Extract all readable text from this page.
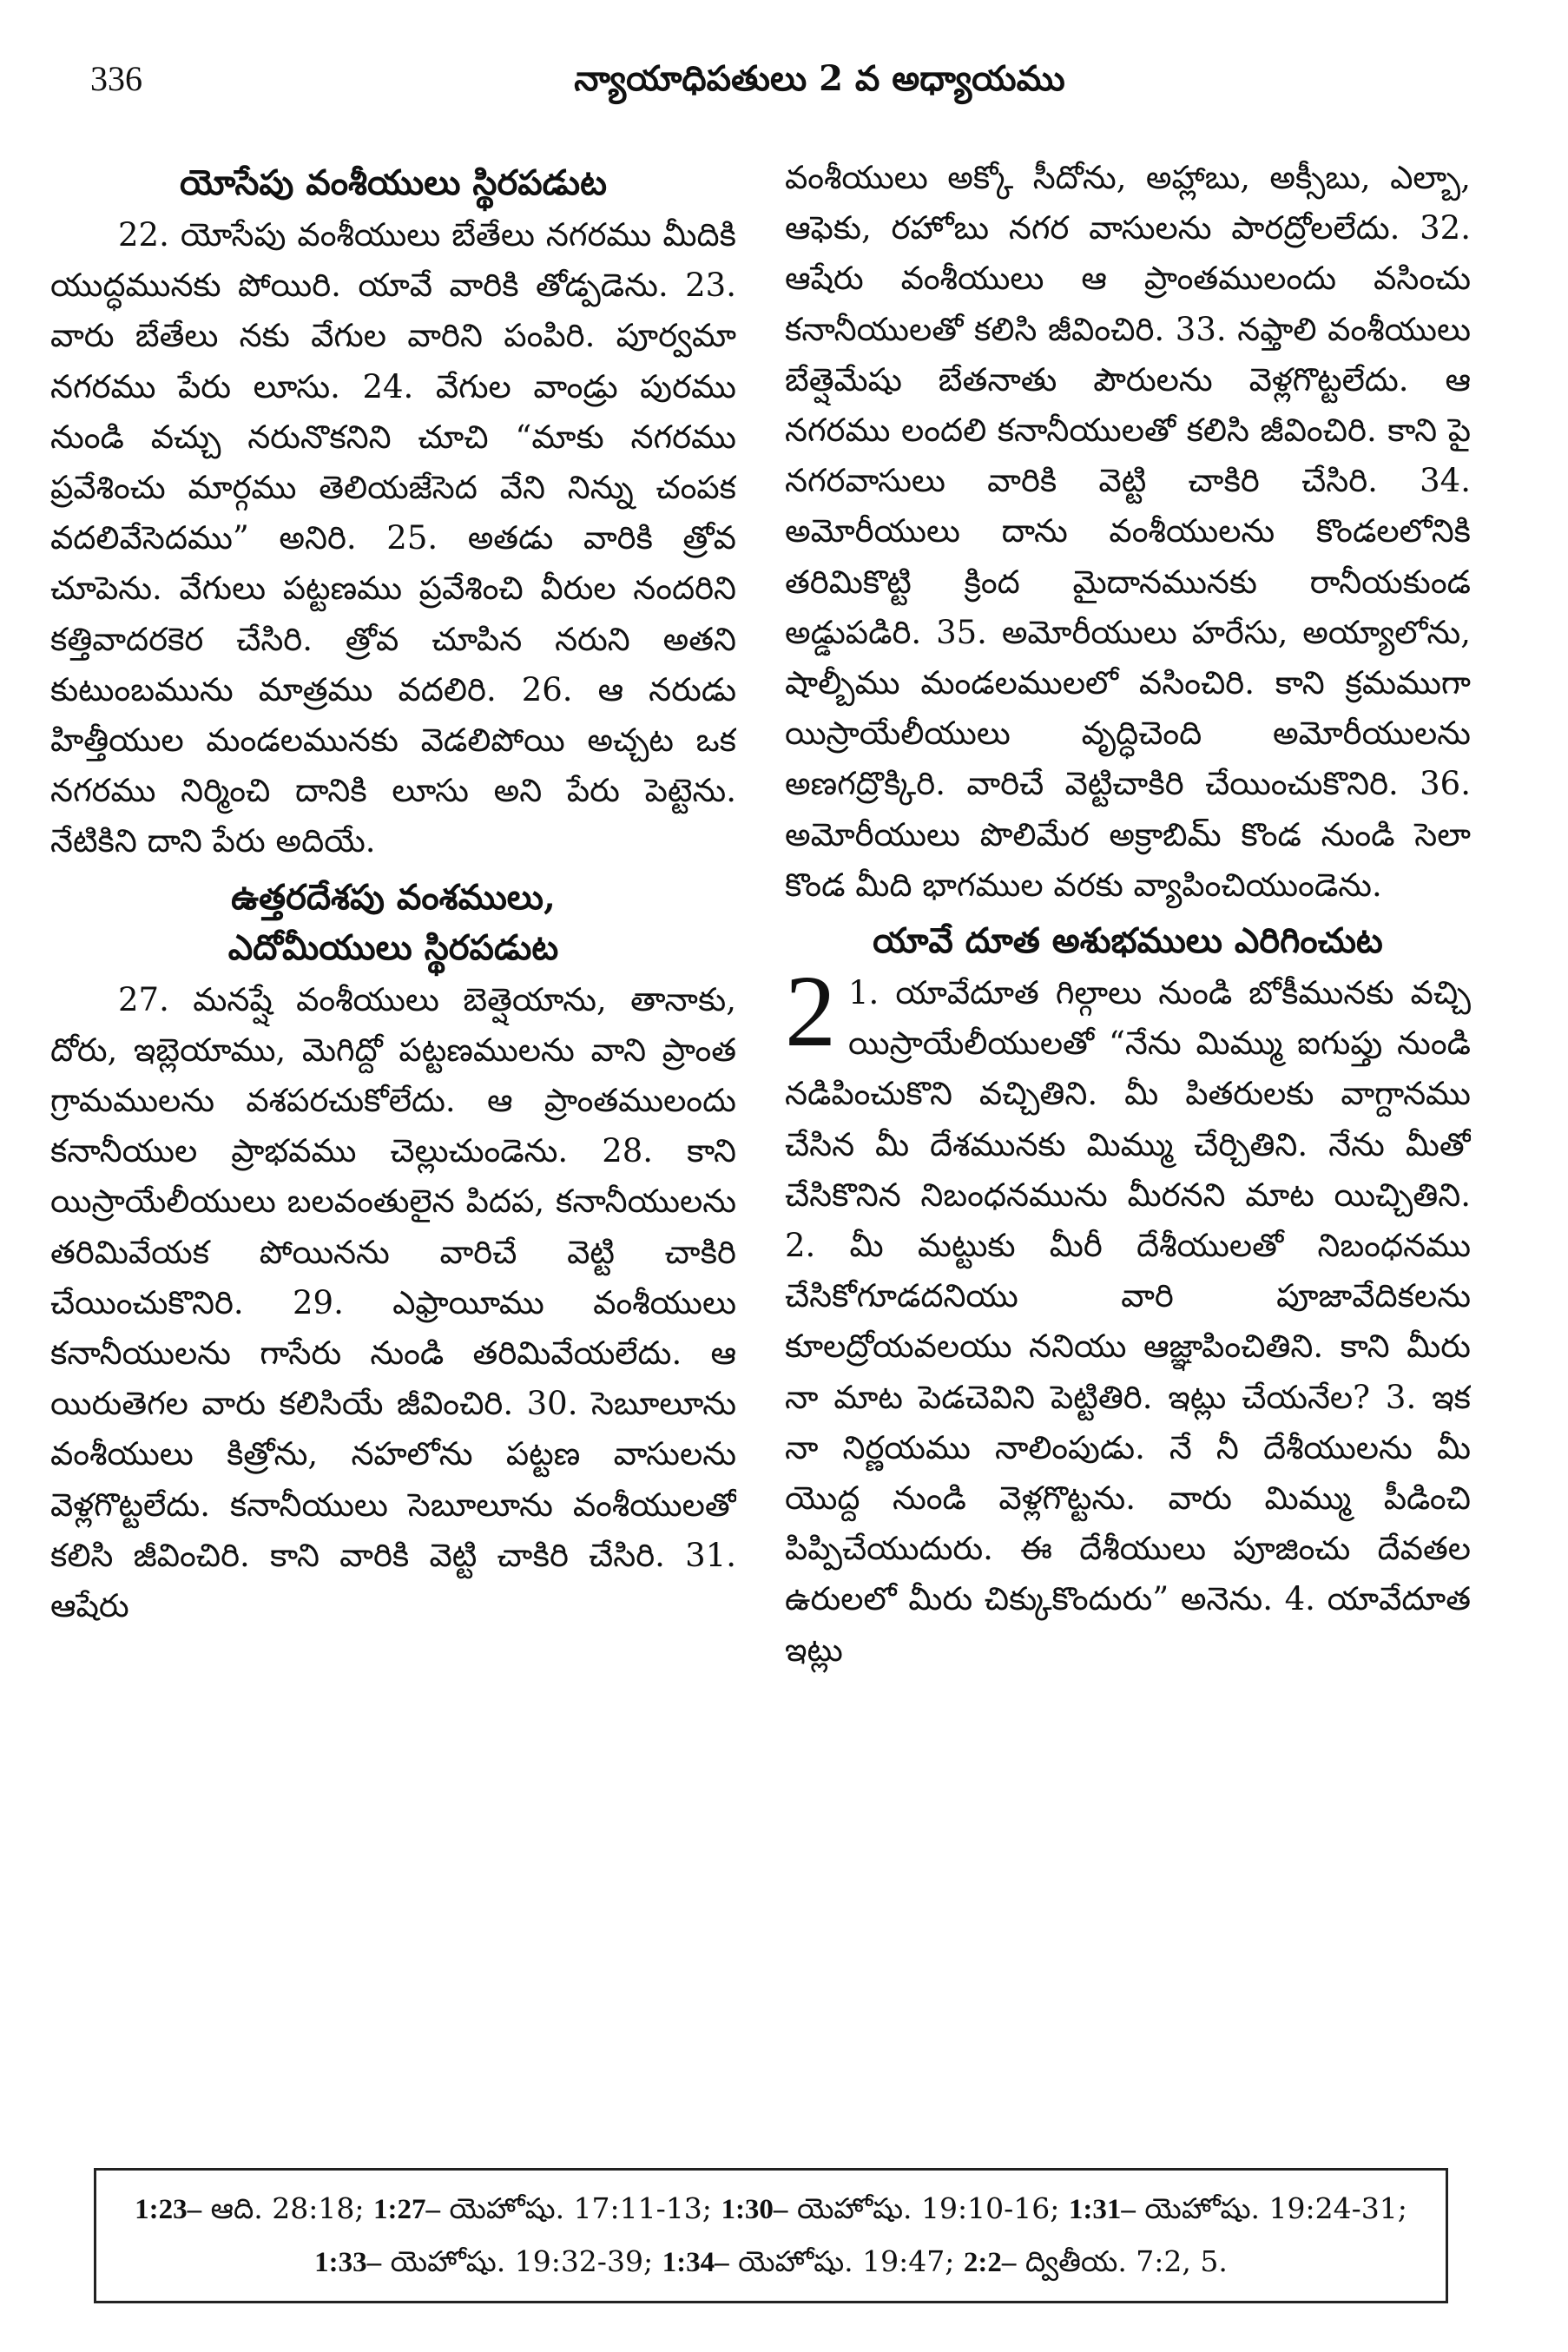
336	న్యాయాధిపతులు 2 వ అధ్యాయము
యోసేపు వంశీయులు స్థిరపడుట

22. యోసేపు వంశీయులు బేతేలు నగరము మీదికి యుద్ధమునకు పోయిరి. యావే వారికి తోడ్పడెను. 23. వారు బేతేలు నకు వేగుల వారిని పంపిరి. పూర్వమా నగరము పేరు లూసు. 24. వేగుల వాండ్రు పురము నుండి వచ్చు నరునొకనిని చూచి “మాకు నగరము ప్రవేశించు మార్గము తెలియజేసెద వేని నిన్ను చంపక వదలివేసెదము” అనిరి. 25. అతడు వారికి త్రోవ చూపెను. వేగులు పట్టణము ప్రవేశించి వీరుల నందరిని కత్తివాదరకెర చేసిరి. త్రోవ చూపిన నరుని అతని కుటుంబమును మాత్రము వదలిరి. 26. ఆ నరుడు హిత్తీయుల మండలమునకు వెడలిపోయి అచ్చట ఒక నగరము నిర్మించి దానికి లూసు అని పేరు పెట్టెను. నేటికిని దాని పేరు అదియే.

ఉత్తరదేశపు వంశములు,
ఎదోమీయులు స్థిరపడుట

27. మనష్షే వంశీయులు బెత్షెయాను, తానాకు, దోరు, ఇబ్లెయాము, మెగిద్దో పట్టణములను వాని ప్రాంత గ్రామములను వశపరచుకోలేదు. ఆ ప్రాంతములందు కనానీయుల ప్రాభవము చెల్లుచుండెను. 28. కాని యిస్రాయేలీయులు బలవంతులైన పిదప, కనానీయులను తరిమివేయక పోయినను వారిచే వెట్టి చాకిరి చేయించుకొనిరి. 29. ఎఫ్రాయీము వంశీయులు కనానీయులను గాసేరు నుండి తరిమివేయలేదు. ఆ యిరుతెగల వారు కలిసియే జీవించిరి. 30. సెబూలూను వంశీయులు కిత్రోను, నహలోను పట్టణ వాసులను వెళ్లగొట్టలేదు. కనానీయులు సెబూలూను వంశీయులతో కలిసి జీవించిరి. కాని వారికి వెట్టి చాకిరి చేసిరి. 31. ఆషేరు

వంశీయులు అక్కో సీదోను, అహ్లాబు, అక్సీబు, ఎల్బా, ఆఫెకు, రహోబు నగర వాసులను పారద్రోలలేదు. 32. ఆషేరు వంశీయులు ఆ ప్రాంతములందు వసించు కనానీయులతో కలిసి జీవించిరి. 33. నఫ్తాలి వంశీయులు బేత్షెమేషు బేతనాతు పౌరులను వెళ్లగొట్టలేదు. ఆ నగరము లందలి కనానీయులతో కలిసి జీవించిరి. కాని పై నగరవాసులు వారికి వెట్టి చాకిరి చేసిరి. 34. అమోరీయులు దాను వంశీయులను కొండలలోనికి తరిమికొట్టి క్రింద మైదానమునకు రానీయకుండ అడ్డుపడిరి. 35. అమోరీయులు హరేసు, అయ్యాలోను, షాల్బీము మండలములలో వసించిరి. కాని క్రమముగా యిస్రాయేలీయులు వృద్ధిచెంది అమోరీయులను అణగద్రొక్కిరి. వారిచే వెట్టిచాకిరి చేయించుకొనిరి. 36. అమోరీయులు పొలిమేర అక్రాబిమ్ కొండ నుండి సెలా కొండ మీది భాగముల వరకు వ్యాపించియుండెను.

యావే దూత అశుభములు ఎరిగించుట
2 1. యావేదూత గిల్గాలు నుండి బోకీమునకు వచ్చి యిస్రాయేలీయులతో “నేను మిమ్ము ఐగుప్తు నుండి నడిపించుకొని వచ్చితిని. మీ పితరులకు వాగ్దానము చేసిన మీ దేశమునకు మిమ్ము చేర్చితిని. నేను మీతో చేసికొనిన నిబంధనమును మీరనని మాట యిచ్చితిని. 2. మీ మట్టుకు మీరీ దేశీయులతో నిబంధనము చేసికోగూడదనియు వారి పూజావేదికలను కూలద్రోయవలయు ననియు ఆజ్ఞాపించితిని. కాని మీరు నా మాట పెడచెవిని పెట్టితిరి. ఇట్లు చేయనేల? 3. ఇక నా నిర్ణయము నాలింపుడు. నే నీ దేశీయులను మీ యొద్ద నుండి వెళ్లగొట్టను. వారు మిమ్ము పీడించి పిప్పిచేయుదురు. ఈ దేశీయులు పూజించు దేవతల ఉరులలో మీరు చిక్కుకొందురు” అనెను. 4. యావేదూత ఇట్లు

1:23– ఆది. 28:18; 1:27– యెహోషు. 17:11-13; 1:30– యెహోషు. 19:10-16; 1:31– యెహోషు. 19:24-31; 1:33– యెహోషు. 19:32-39; 1:34– యెహోషు. 19:47; 2:2– ద్వితీయ. 7:2, 5.
